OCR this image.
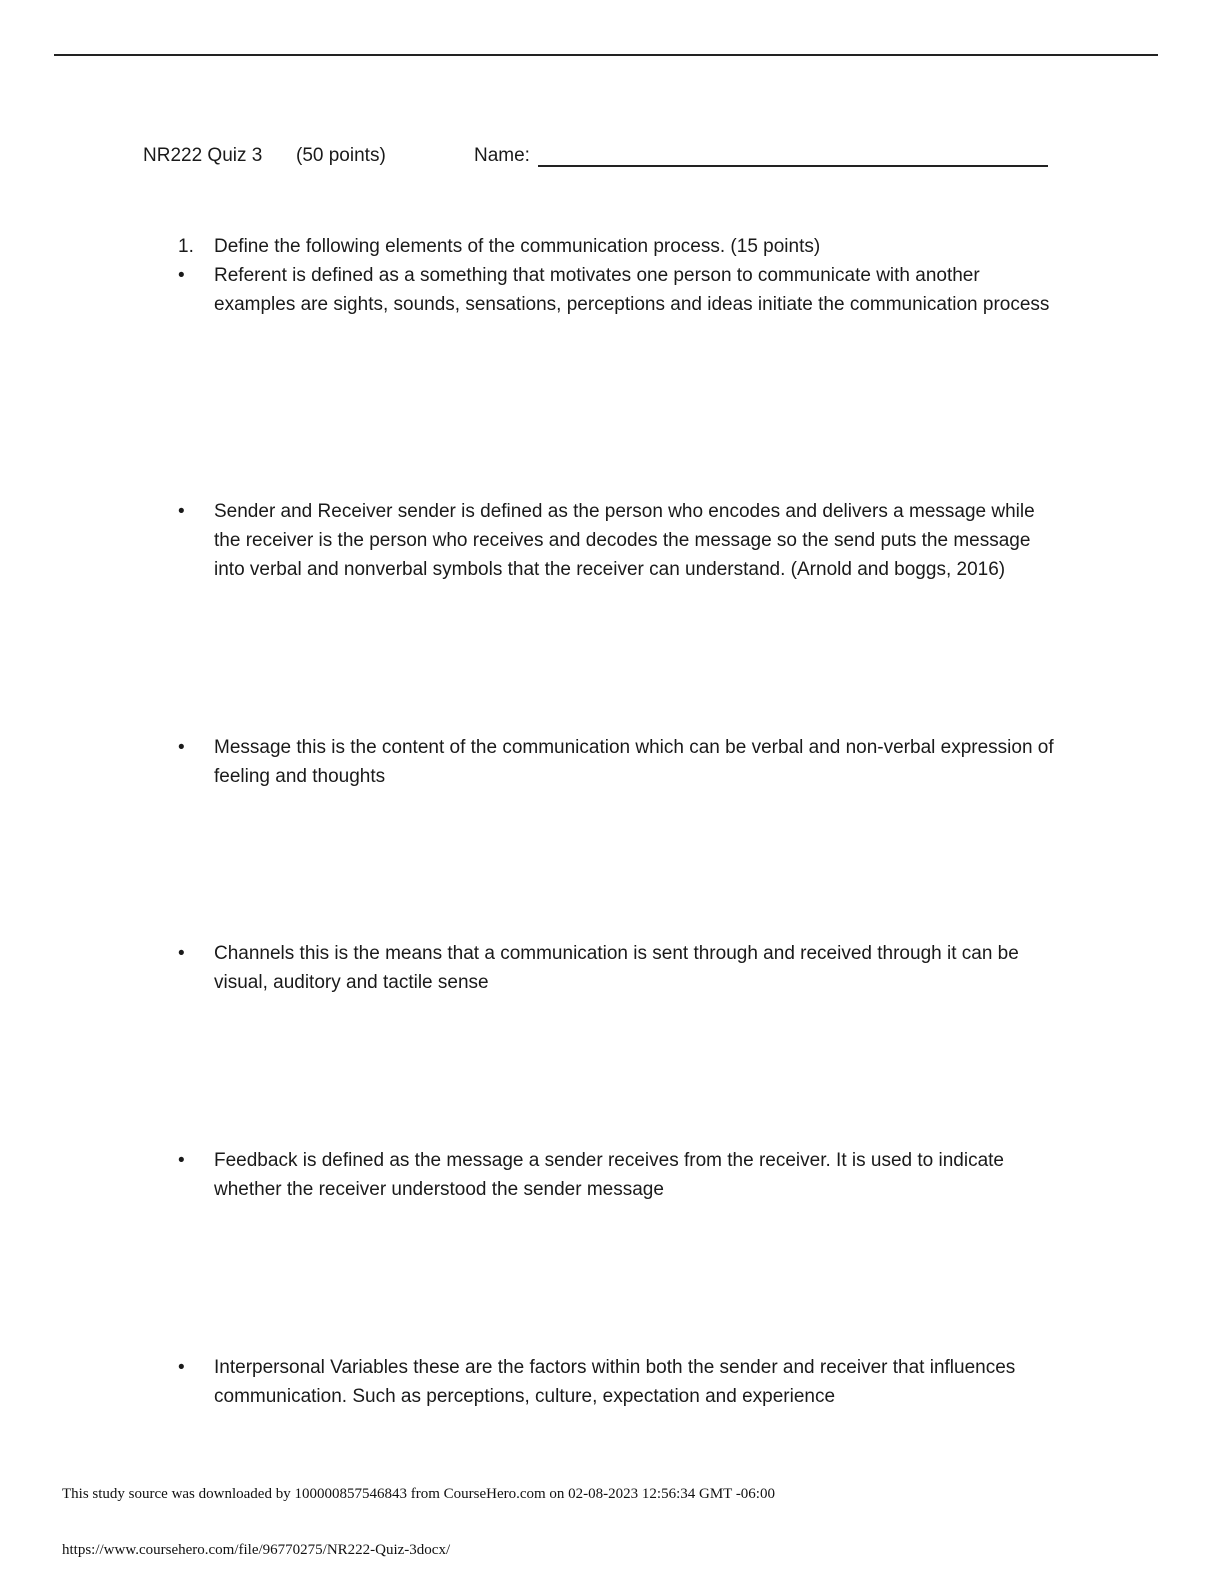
NR222 Quiz 3 (50 points)	Name:
1. Define the following elements of the communication process. (15 points)
• Referent is defined as a something that motivates one person to communicate with another examples are sights, sounds, sensations, perceptions and ideas initiate the communication process
• Sender and Receiver sender is defined as the person who encodes and delivers a message while the receiver is the person who receives and decodes the message so the send puts the message into verbal and nonverbal symbols that the receiver can understand. (Arnold and boggs, 2016)
• Message this is the content of the communication which can be verbal and non-verbal expression of feeling and thoughts
• Channels this is the means that a communication is sent through and received through it can be visual, auditory and tactile sense
• Feedback is defined as the message a sender receives from the receiver. It is used to indicate whether the receiver understood the sender message
• Interpersonal Variables these are the factors within both the sender and receiver that influences communication. Such as perceptions, culture, expectation and experience
This study source was downloaded by 100000857546843 from CourseHero.com on 02-08-2023 12:56:34 GMT -06:00
https://www.coursehero.com/file/96770275/NR222-Quiz-3docx/
